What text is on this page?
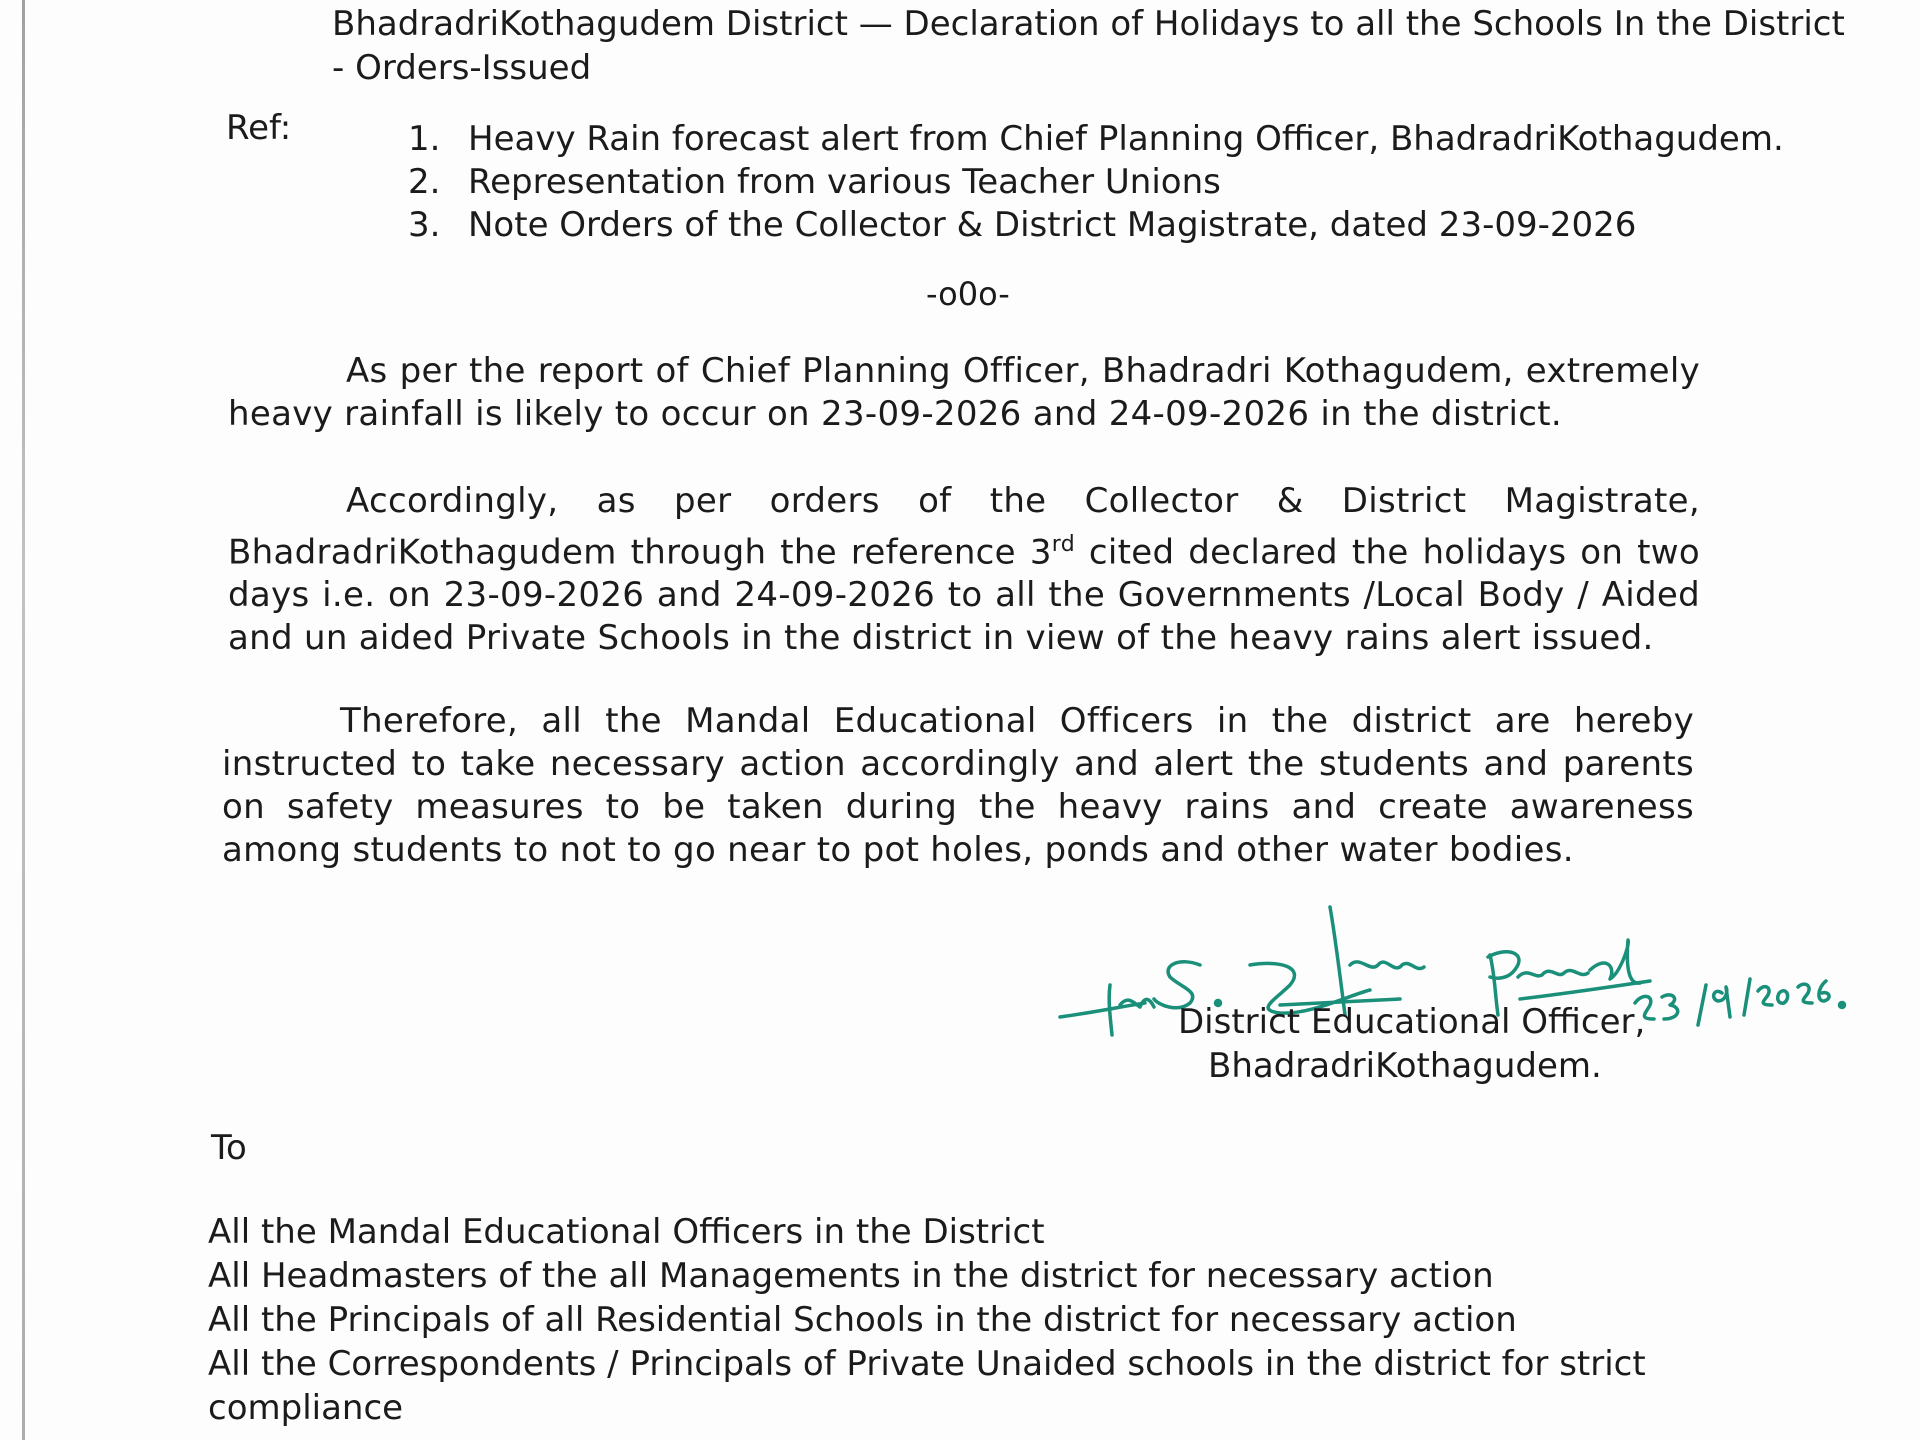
BhadradriKothagudem District — Declaration of Holidays to all the Schools In the District
- Orders-Issued
Ref:	1. Heavy Rain forecast alert from Chief Planning Officer, BhadradriKothagudem.
2. Representation from various Teacher Unions
3. Note Orders of the Collector & District Magistrate, dated 23-09-2026
-o0o-
As per the report of Chief Planning Officer, Bhadradri Kothagudem, extremely heavy rainfall is likely to occur on 23-09-2026 and 24-09-2026 in the district.
Accordingly, as per orders of the Collector & District Magistrate, BhadradriKothagudem through the reference 3rd cited declared the holidays on two days i.e. on 23-09-2026 and 24-09-2026 to all the Governments /Local Body / Aided and un aided Private Schools in the district in view of the heavy rains alert issued.
Therefore, all the Mandal Educational Officers in the district are hereby instructed to take necessary action accordingly and alert the students and parents on safety measures to be taken during the heavy rains and create awareness among students to not to go near to pot holes, ponds and other water bodies.
District Educational Officer,
BhadradriKothagudem.
To
All the Mandal Educational Officers in the District
All Headmasters of the all Managements in the district for necessary action
All the Principals of all Residential Schools in the district for necessary action
All the Correspondents / Principals of Private Unaided schools in the district for strict
compliance
